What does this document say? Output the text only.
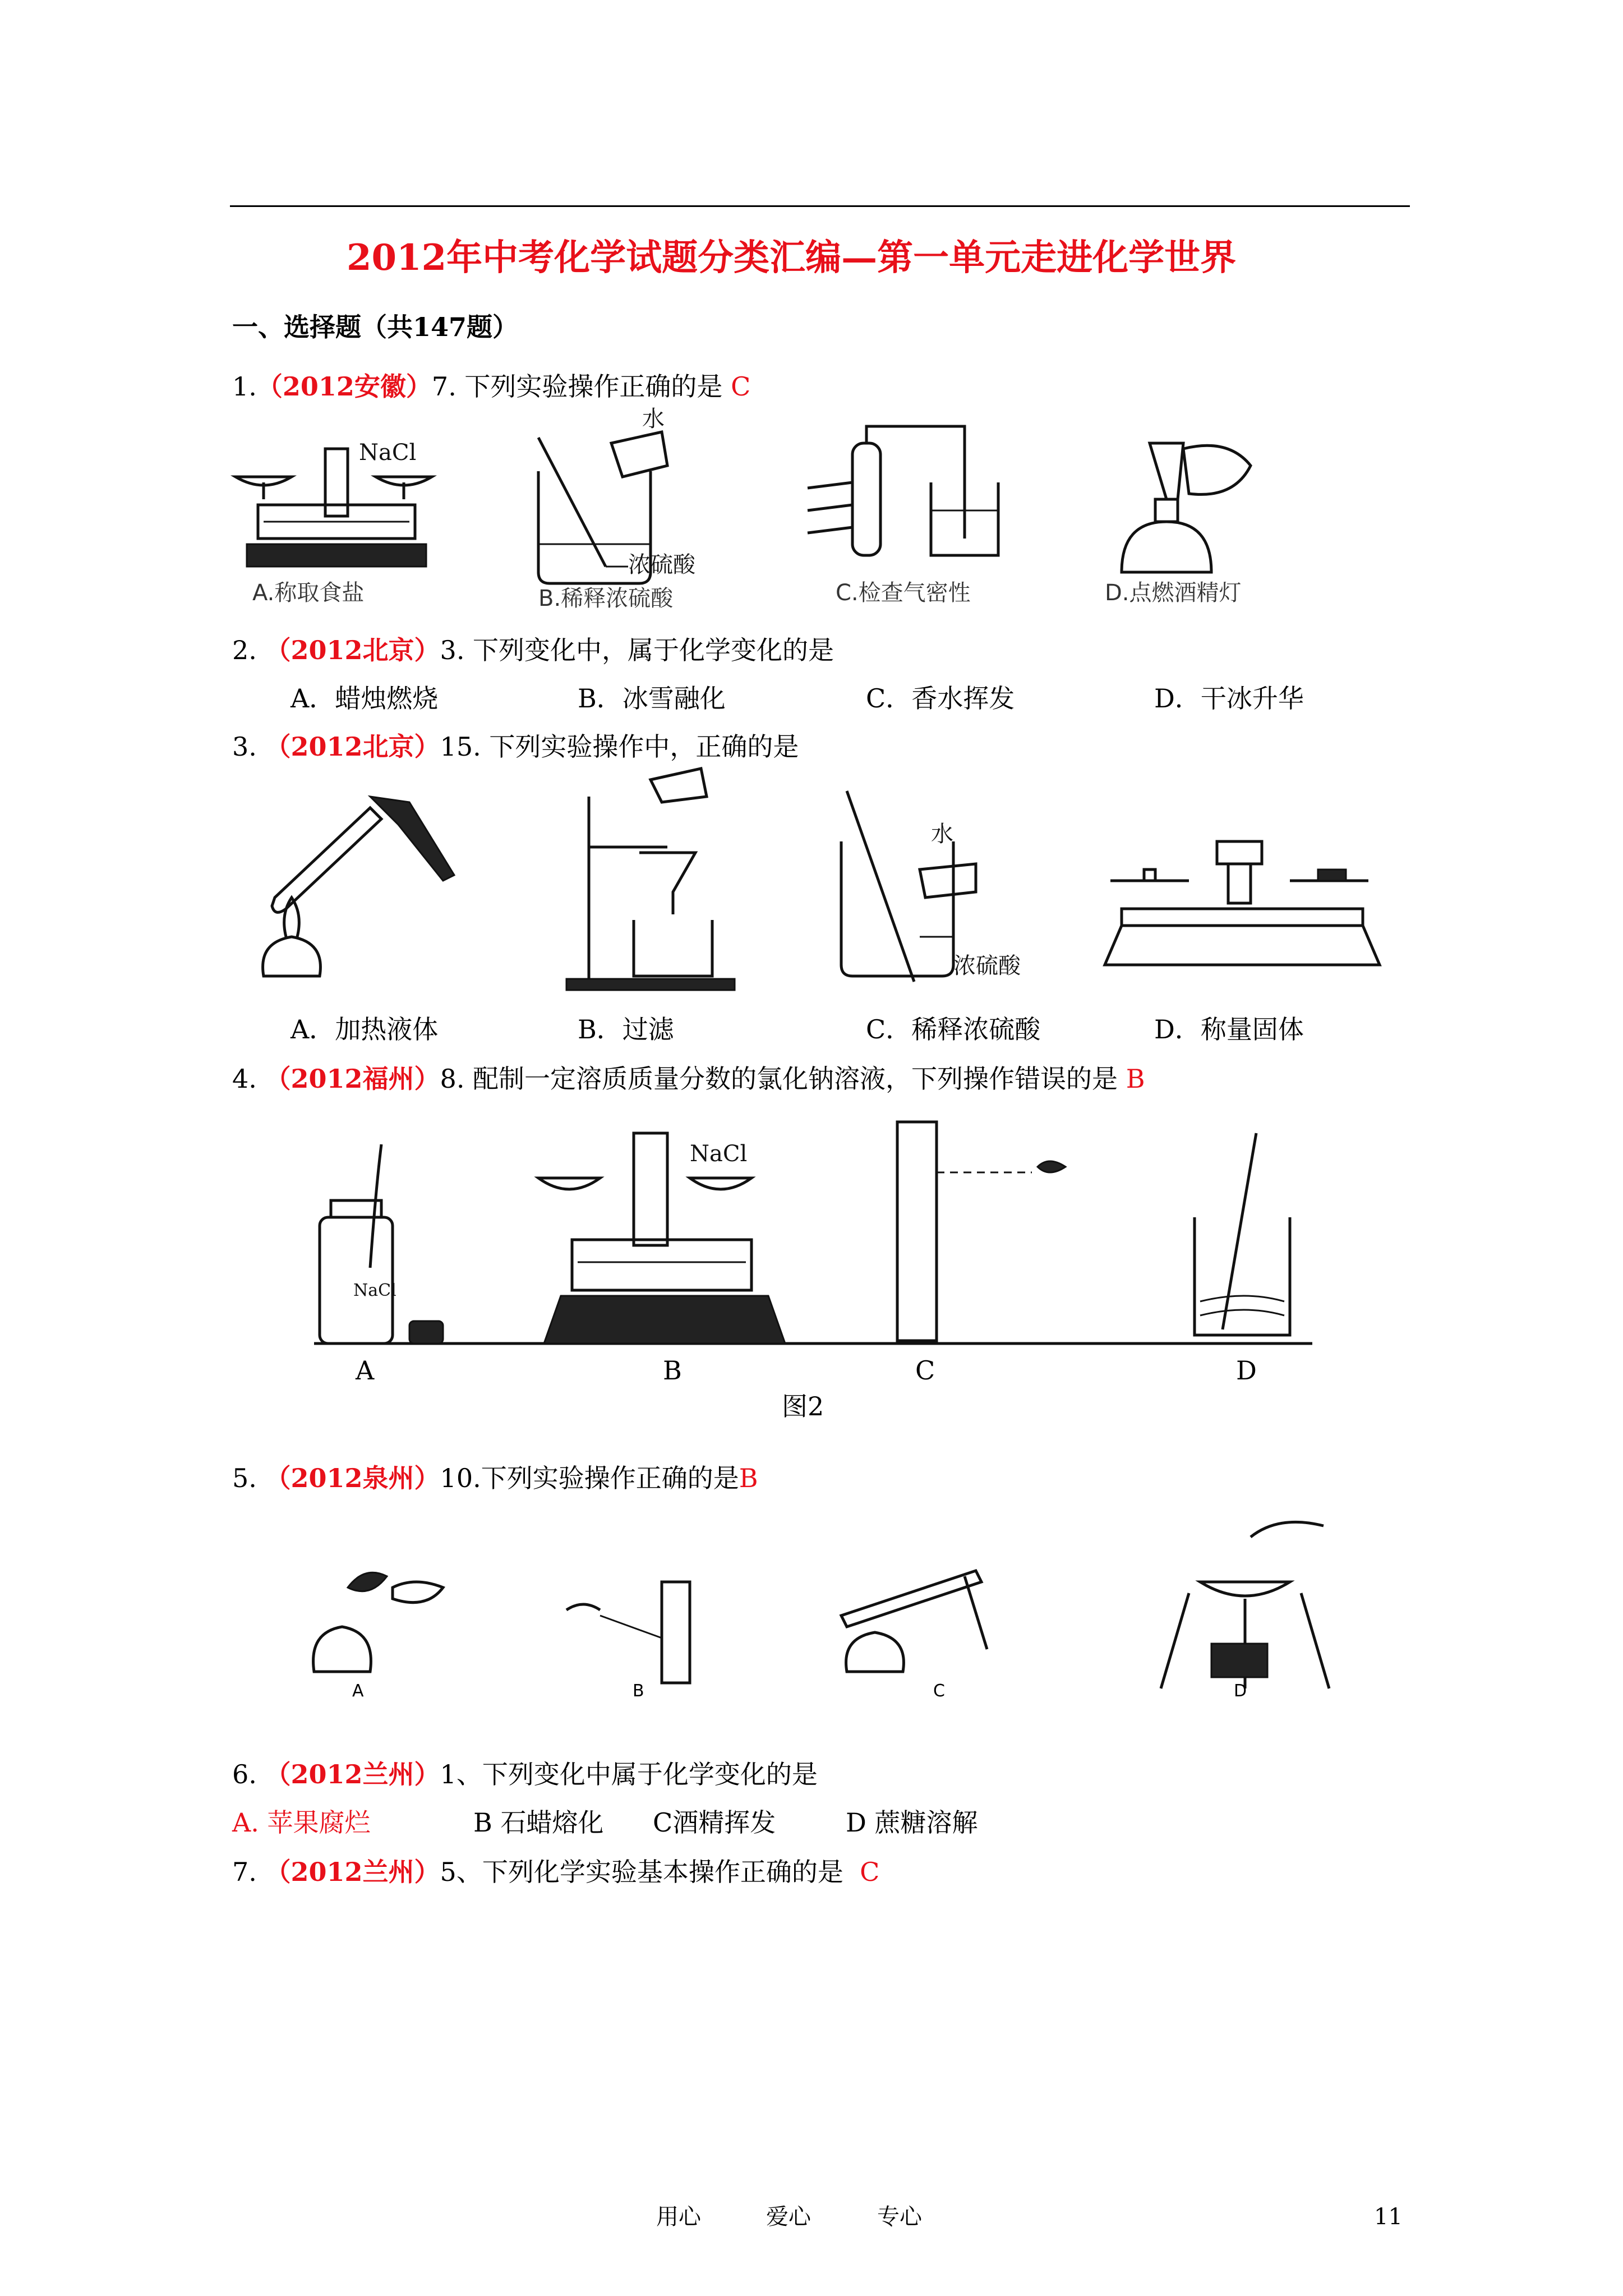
2012年中考化学试题分类汇编—第一单元走进化学世界
一、选择题（共147题）
1.（2012安徽）7. 下列实验操作正确的是 C
NaCl
A.称取食盐
水
浓硫酸
B.稀释浓硫酸	C.检查气密性	D.点燃酒精灯
2. （2012北京）3. 下列变化中，属于化学变化的是
A．蜡烛燃烧	B．冰雪融化	C．香水挥发	D．干冰升华
3. （2012北京）15. 下列实验操作中，正确的是
水
浓硫酸
A．加热液体	B．过滤	C．稀释浓硫酸	D．称量固体
4. （2012福州）8. 配制一定溶质质量分数的氯化钠溶液，下列操作错误的是 B
NaCl
NaCl
A	B	C	D
图2
5. （2012泉州）10.下列实验操作正确的是B
A	B	C	D
6. （2012兰州）1、下列变化中属于化学变化的是
A. 苹果腐烂	B 石蜡熔化 C酒精挥发	D 蔗糖溶解
7. （2012兰州）5、下列化学实验基本操作正确的是 C
用心	爱心	专心	11
